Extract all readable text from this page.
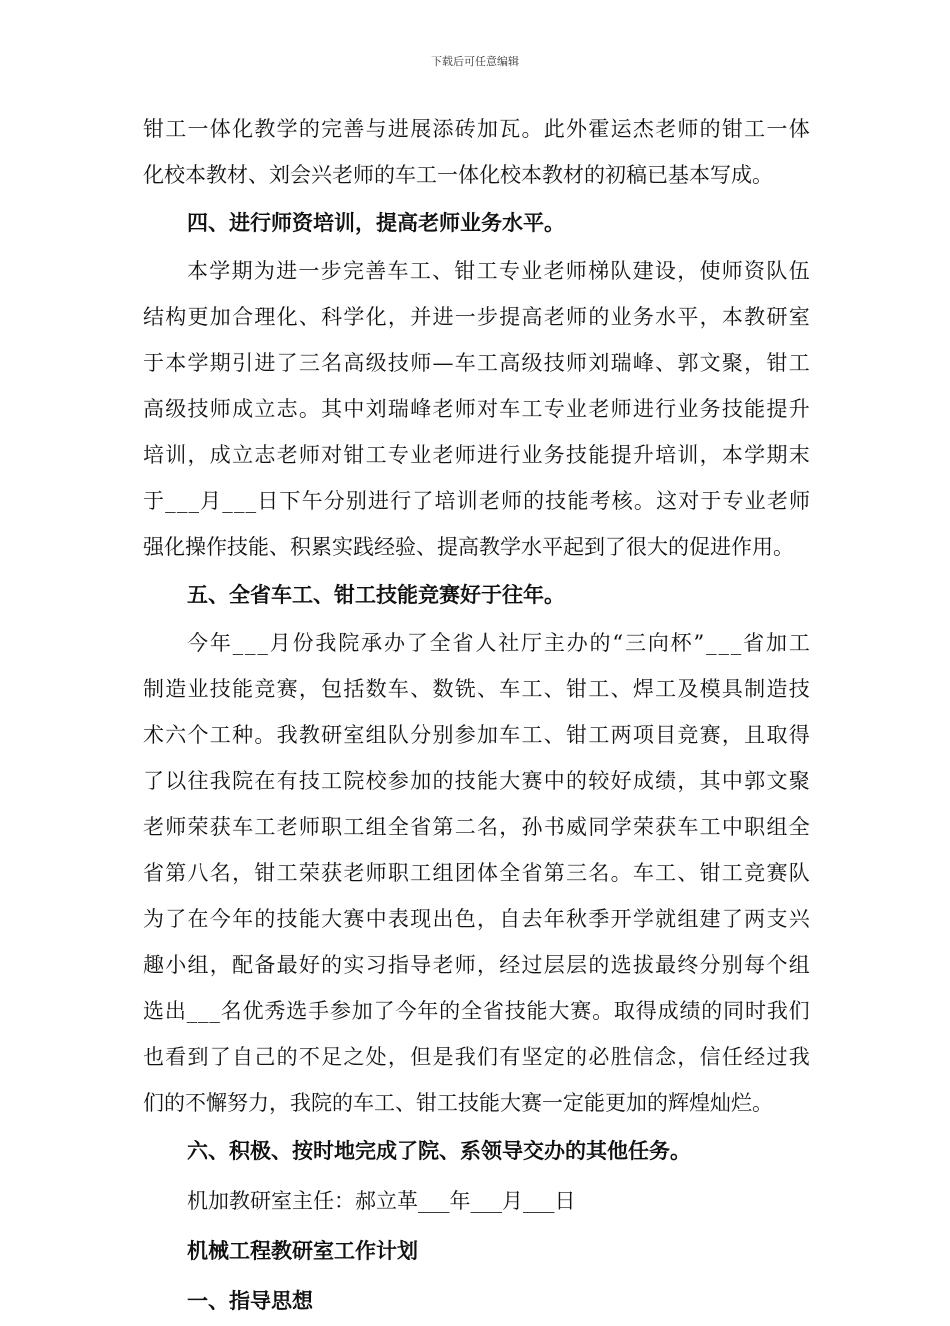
下载后可任意编辑
钳 工 一 体 化 教 学 的 完 善 与 进 展 添 砖 加 瓦 。 此 外 霍 运 杰 老 师 的 钳 工 一 体
化校本教材、刘会兴老师的车工一体化校本教材的初稿已基本写成。
四、进行师资培训，提高老师业务水平。
本 学 期 为 进 一 步 完 善 车 工 、 钳 工 专 业 老 师 梯 队 建 设 ， 使 师 资 队 伍
结 构 更 加 合 理 化 、 科 学 化 ， 并 进 一 步 提 高 老 师 的 业 务 水 平 ， 本 教 研 室
于 本 学 期 引 进 了 三 名 高 级 技 师 — 车 工 高 级 技 师 刘 瑞 峰 、 郭 文 聚 ， 钳 工
高 级 技 师 成 立 志 。 其 中 刘 瑞 峰 老 师 对 车 工 专 业 老 师 进 行 业 务 技 能 提 升
培 训 ， 成 立 志 老 师 对 钳 工 专 业 老 师 进 行 业 务 技 能 提 升 培 训 ， 本 学 期 末
于 _ _ _ 月 _ _ _ 日 下 午 分 别 进 行 了 培 训 老 师 的 技 能 考 核 。 这 对 于 专 业 老 师
强化操作技能、积累实践经验、提高教学水平起到了很大的促进作用。
五、全省车工、钳工技能竞赛好于往年。
今 年 _ _ _ 月 份 我 院 承 办 了 全 省 人 社 厅 主 办 的 “ 三 向 杯 ” _ _ _ 省 加 工
制 造 业 技 能 竞 赛 ， 包 括 数 车 、 数 铣 、 车 工 、 钳 工 、 焊 工 及 模 具 制 造 技
术 六 个 工 种 。 我 教 研 室 组 队 分 别 参 加 车 工 、 钳 工 两 项 目 竞 赛 ， 且 取 得
了 以 往 我 院 在 有 技 工 院 校 参 加 的 技 能 大 赛 中 的 较 好 成 绩 ， 其 中 郭 文 聚
老 师 荣 获 车 工 老 师 职 工 组 全 省 第 二 名 ， 孙 书 威 同 学 荣 获 车 工 中 职 组 全
省 第 八 名 ， 钳 工 荣 获 老 师 职 工 组 团 体 全 省 第 三 名 。 车 工 、 钳 工 竞 赛 队
为 了 在 今 年 的 技 能 大 赛 中 表 现 出 色 ， 自 去 年 秋 季 开 学 就 组 建 了 两 支 兴
趣 小 组 ， 配 备 最 好 的 实 习 指 导 老 师 ， 经 过 层 层 的 选 拔 最 终 分 别 每 个 组
选 出 _ _ _ 名 优 秀 选 手 参 加 了 今 年 的 全 省 技 能 大 赛 。 取 得 成 绩 的 同 时 我 们
也 看 到 了 自 己 的 不 足 之 处 ， 但 是 我 们 有 坚 定 的 必 胜 信 念 ， 信 任 经 过 我
们的不懈努力，我院的车工、钳工技能大赛一定能更加的辉煌灿烂。
六、积极、按时地完成了院、系领导交办的其他任务。
机加教研室主任：郝立革___年___月___日
机械工程教研室工作计划
一、指导思想
